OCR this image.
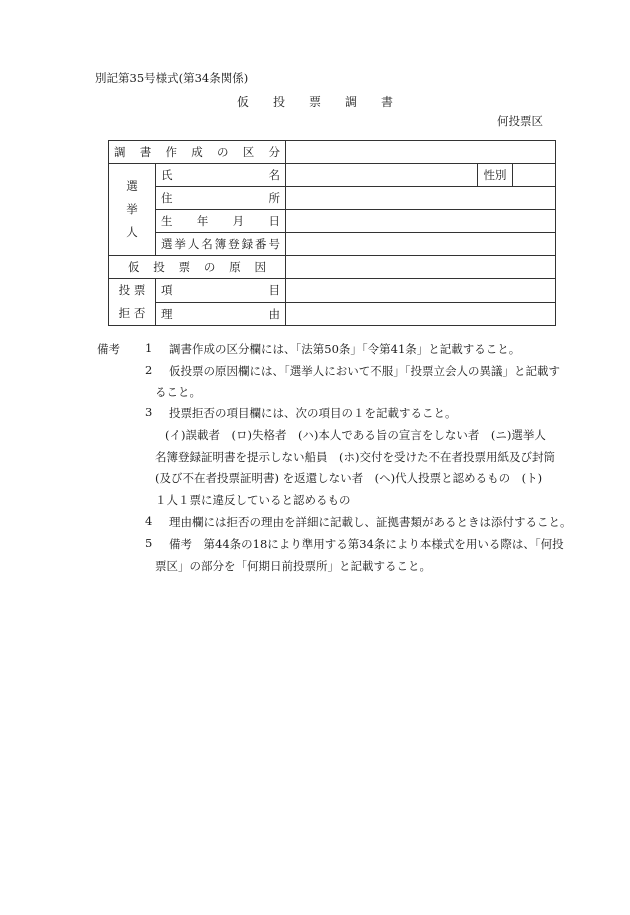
別記第35号様式(第34条関係)
仮　　投　　票　　調　　書
何投票区
調書作成の区分				

選 挙 人	氏名		性別	

	住所			

	生年月日			

	選挙人名簿登録番号			

仮投票の原因				

投 票
拒 否	項目			

	理由			

備考 1 調書作成の区分欄には、「法第50条」「令第41条」と記載すること。
2 仮投票の原因欄には、「選挙人において不服」「投票立会人の異議」と記載す
ること。
3 投票拒否の項目欄には、次の項目の１を記載すること。
(イ)誤載者　(ロ)失格者　(ハ)本人である旨の宣言をしない者　(ニ)選挙人
名簿登録証明書を提示しない船員　(ホ)交付を受けた不在者投票用紙及び封筒
(及び不在者投票証明書) を返還しない者　(ヘ)代人投票と認めるもの　(ト)
１人１票に違反していると認めるもの
4 理由欄には拒否の理由を詳細に記載し、証拠書類があるときは添付すること。
5 備考　第44条の18により準用する第34条により本様式を用いる際は、「何投
票区」の部分を「何期日前投票所」と記載すること。
